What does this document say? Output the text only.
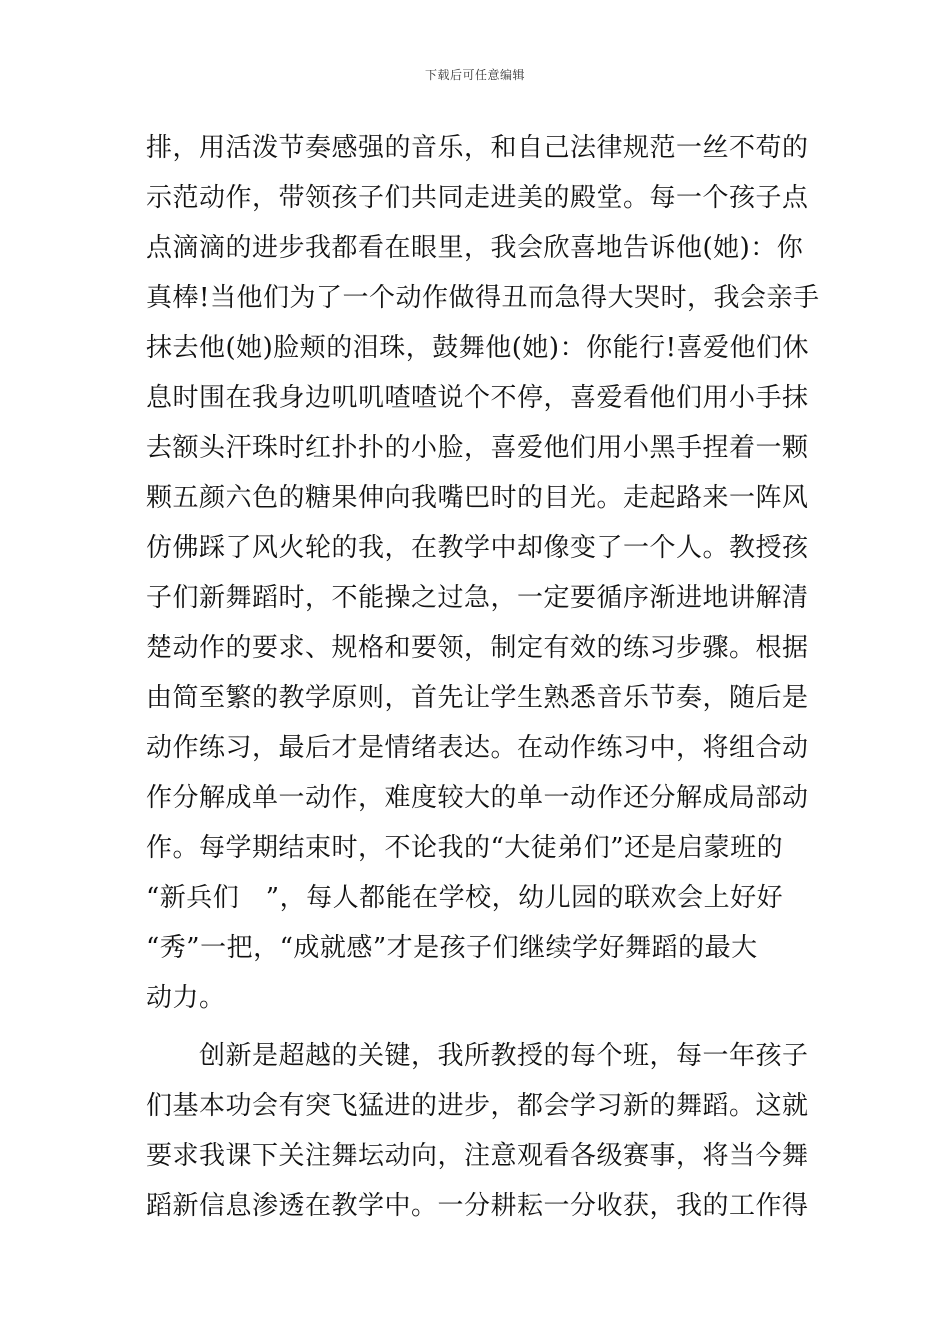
下载后可任意编辑
排，用活泼节奏感强的音乐，和自己法律规范一丝不苟的
示范动作，带领孩子们共同走进美的殿堂。每一个孩子点
点滴滴的进步我都看在眼里，我会欣喜地告诉他(她)：你
真棒!当他们为了一个动作做得丑而急得大哭时，我会亲手
抹去他(她)脸颊的泪珠，鼓舞他(她)：你能行!喜爱他们休
息时围在我身边叽叽喳喳说个不停，喜爱看他们用小手抹
去额头汗珠时红扑扑的小脸，喜爱他们用小黑手捏着一颗
颗五颜六色的糖果伸向我嘴巴时的目光。走起路来一阵风
仿佛踩了风火轮的我，在教学中却像变了一个人。教授孩
子们新舞蹈时，不能操之过急，一定要循序渐进地讲解清
楚动作的要求、规格和要领，制定有效的练习步骤。根据
由简至繁的教学原则，首先让学生熟悉音乐节奏，随后是
动作练习，最后才是情绪表达。在动作练习中，将组合动
作分解成单一动作，难度较大的单一动作还分解成局部动
作。每学期结束时，不论我的“大徒弟们”还是启蒙班的
“新兵们　”，每人都能在学校，幼儿园的联欢会上好好
“秀”一把，“成就感”才是孩子们继续学好舞蹈的最大
动力。
　　创新是超越的关键，我所教授的每个班，每一年孩子
们基本功会有突飞猛进的进步，都会学习新的舞蹈。这就
要求我课下关注舞坛动向，注意观看各级赛事，将当今舞
蹈新信息渗透在教学中。一分耕耘一分收获，我的工作得
